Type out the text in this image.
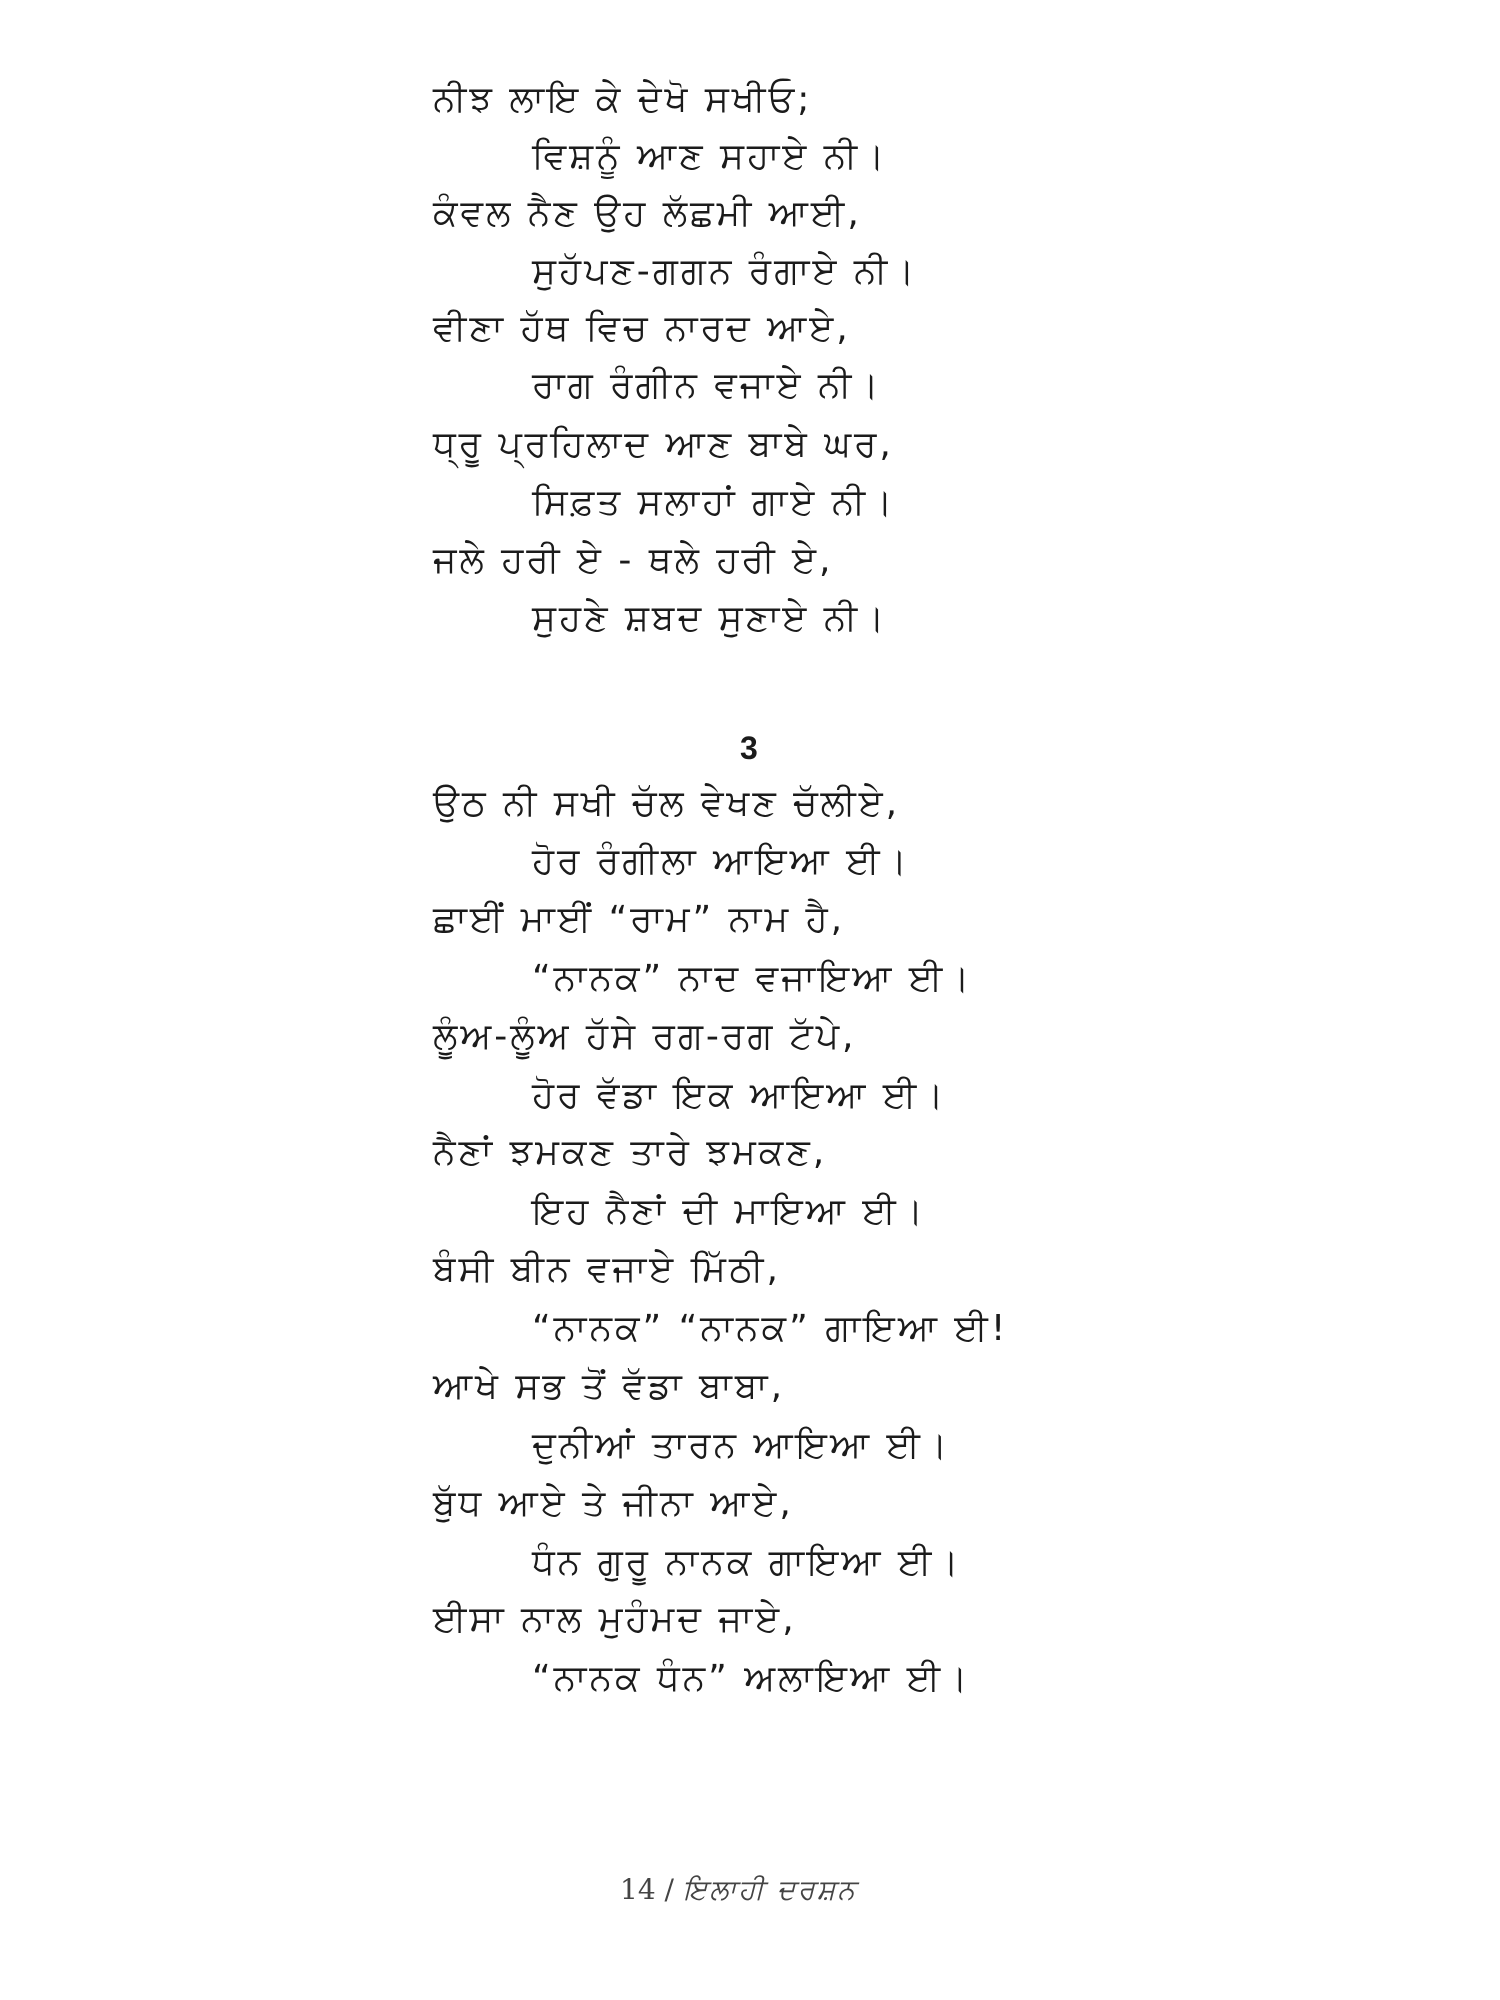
ਨੀਝ ਲਾਇ ਕੇ ਦੇਖੋ ਸਖੀਓ;
ਵਿਸ਼ਨੂੰ ਆਣ ਸਹਾਏ ਨੀ।
ਕੰਵਲ ਨੈਣ ਉਹ ਲੱਛਮੀ ਆਈ,
ਸੁਹੱਪਣ-ਗਗਨ ਰੰਗਾਏ ਨੀ।
ਵੀਣਾ ਹੱਥ ਵਿਚ ਨਾਰਦ ਆਏ,
ਰਾਗ ਰੰਗੀਨ ਵਜਾਏ ਨੀ।
ਧ੍ਰੂ ਪ੍ਰਹਿਲਾਦ ਆਣ ਬਾਬੇ ਘਰ,
ਸਿਫ਼ਤ ਸਲਾਹਾਂ ਗਾਏ ਨੀ।
ਜਲੇ ਹਰੀ ਏ - ਥਲੇ ਹਰੀ ਏ,
ਸੁਹਣੇ ਸ਼ਬਦ ਸੁਣਾਏ ਨੀ।
3
ਉਠ ਨੀ ਸਖੀ ਚੱਲ ਵੇਖਣ ਚੱਲੀਏ,
ਹੋਰ ਰੰਗੀਲਾ ਆਇਆ ਈ।
ਛਾਈਂ ਮਾਈਂ “ਰਾਮ” ਨਾਮ ਹੈ,
“ਨਾਨਕ” ਨਾਦ ਵਜਾਇਆ ਈ।
ਲੂੰਅ-ਲੂੰਅ ਹੱਸੇ ਰਗ-ਰਗ ਟੱਪੇ,
ਹੋਰ ਵੱਡਾ ਇਕ ਆਇਆ ਈ।
ਨੈਣਾਂ ਝਮਕਣ ਤਾਰੇ ਝਮਕਣ,
ਇਹ ਨੈਣਾਂ ਦੀ ਮਾਇਆ ਈ।
ਬੰਸੀ ਬੀਨ ਵਜਾਏ ਮਿੱਠੀ,
“ਨਾਨਕ” “ਨਾਨਕ” ਗਾਇਆ ਈ!
ਆਖੇ ਸਭ ਤੋਂ ਵੱਡਾ ਬਾਬਾ,
ਦੁਨੀਆਂ ਤਾਰਨ ਆਇਆ ਈ।
ਬੁੱਧ ਆਏ ਤੇ ਜੀਨਾ ਆਏ,
ਧੰਨ ਗੁਰੂ ਨਾਨਕ ਗਾਇਆ ਈ।
ਈਸਾ ਨਾਲ ਮੁਹੰਮਦ ਜਾਏ,
“ਨਾਨਕ ਧੰਨ” ਅਲਾਇਆ ਈ।
14 / ਇਲਾਹੀ ਦਰਸ਼ਨ
